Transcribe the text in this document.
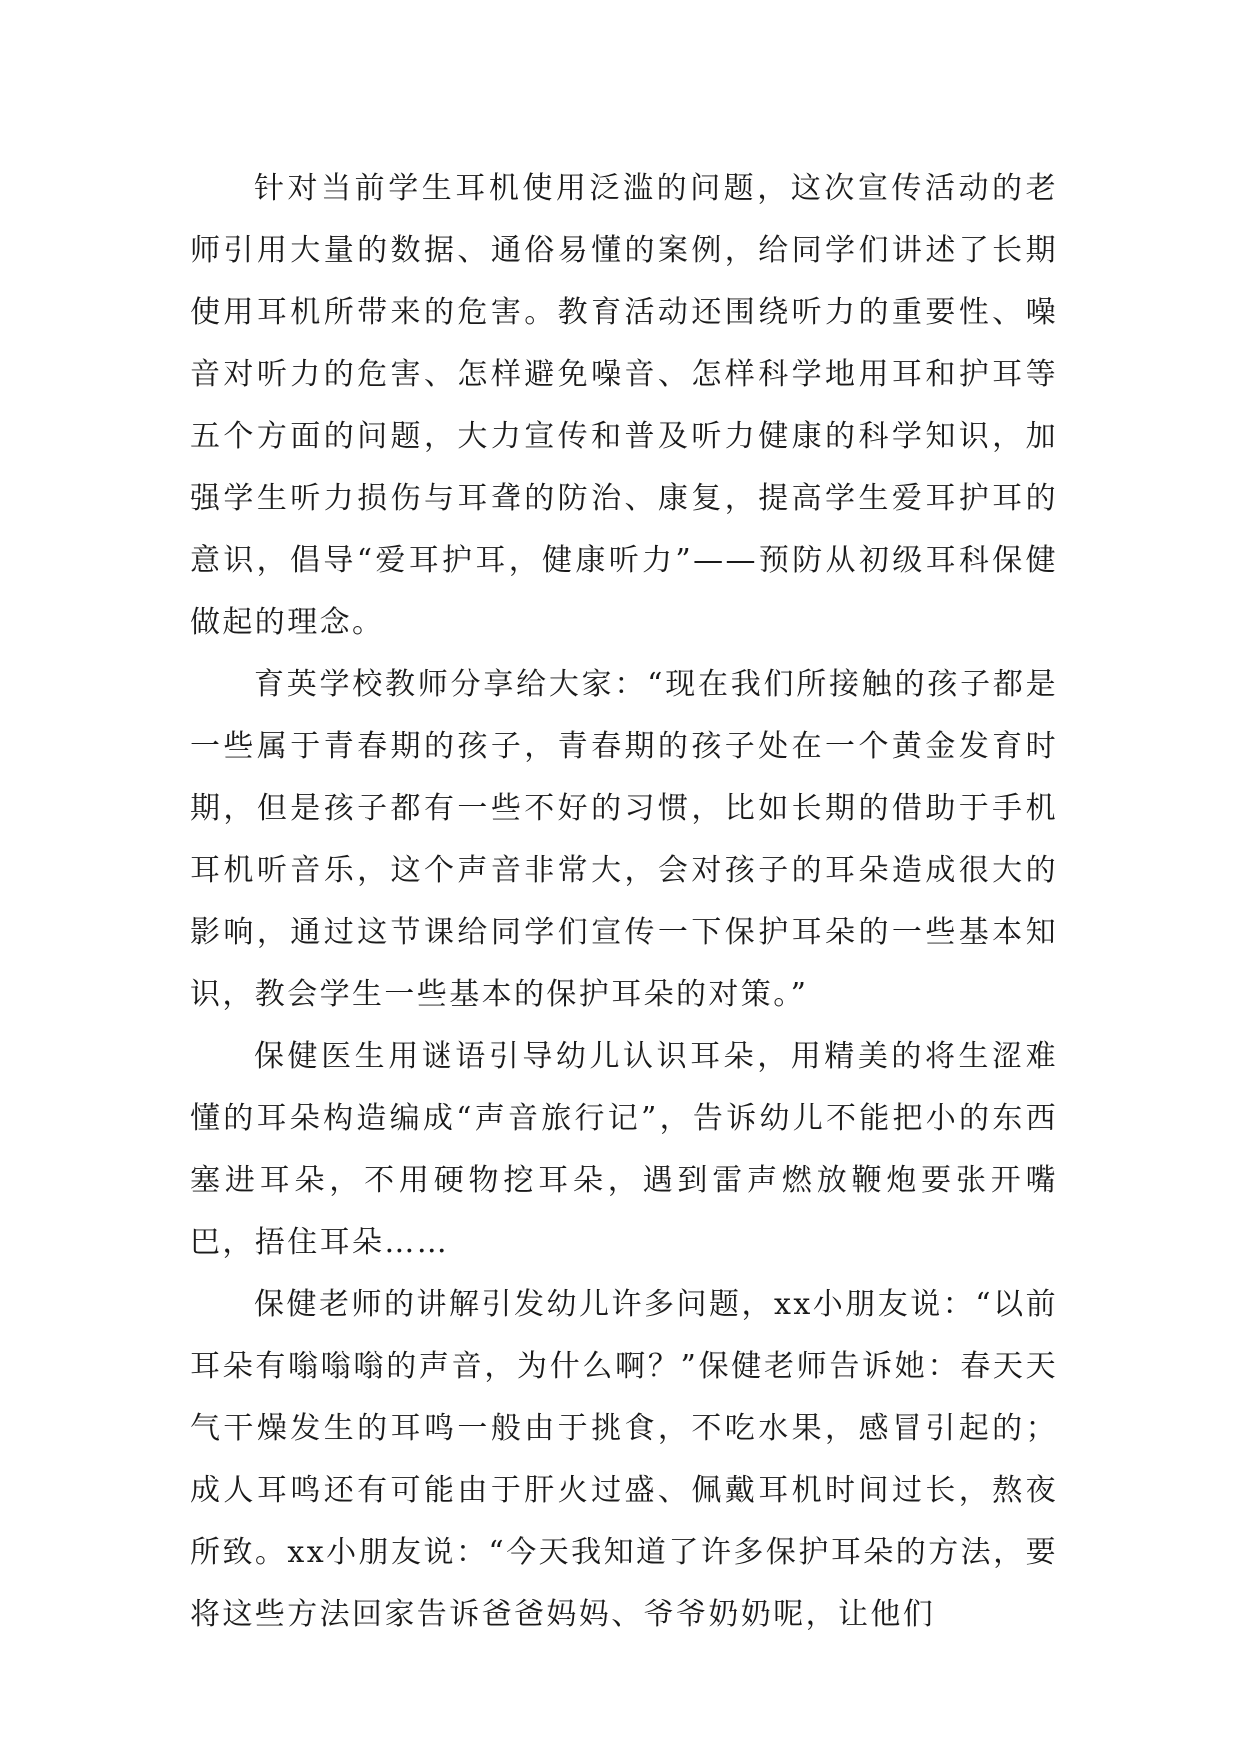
针对当前学生耳机使用泛滥的问题，这次宣传活动的老师引用大量的数据、通俗易懂的案例，给同学们讲述了长期使用耳机所带来的危害。教育活动还围绕听力的重要性、噪音对听力的危害、怎样避免噪音、怎样科学地用耳和护耳等五个方面的问题，大力宣传和普及听力健康的科学知识，加强学生听力损伤与耳聋的防治、康复，提高学生爱耳护耳的意识，倡导“爱耳护耳，健康听力”——预防从初级耳科保健做起的理念。

育英学校教师分享给大家：“现在我们所接触的孩子都是一些属于青春期的孩子，青春期的孩子处在一个黄金发育时期，但是孩子都有一些不好的习惯，比如长期的借助于手机耳机听音乐，这个声音非常大，会对孩子的耳朵造成很大的影响，通过这节课给同学们宣传一下保护耳朵的一些基本知识，教会学生一些基本的保护耳朵的对策。”

保健医生用谜语引导幼儿认识耳朵，用精美的将生涩难懂的耳朵构造编成“声音旅行记”，告诉幼儿不能把小的东西塞进耳朵，不用硬物挖耳朵，遇到雷声燃放鞭炮要张开嘴巴，捂住耳朵……

保健老师的讲解引发幼儿许多问题，xx小朋友说：“以前耳朵有嗡嗡嗡的声音，为什么啊？”保健老师告诉她：春天天气干燥发生的耳鸣一般由于挑食，不吃水果，感冒引起的；成人耳鸣还有可能由于肝火过盛、佩戴耳机时间过长，熬夜所致。xx小朋友说：“今天我知道了许多保护耳朵的方法，要将这些方法回家告诉爸爸妈妈、爷爷奶奶呢，让他们
